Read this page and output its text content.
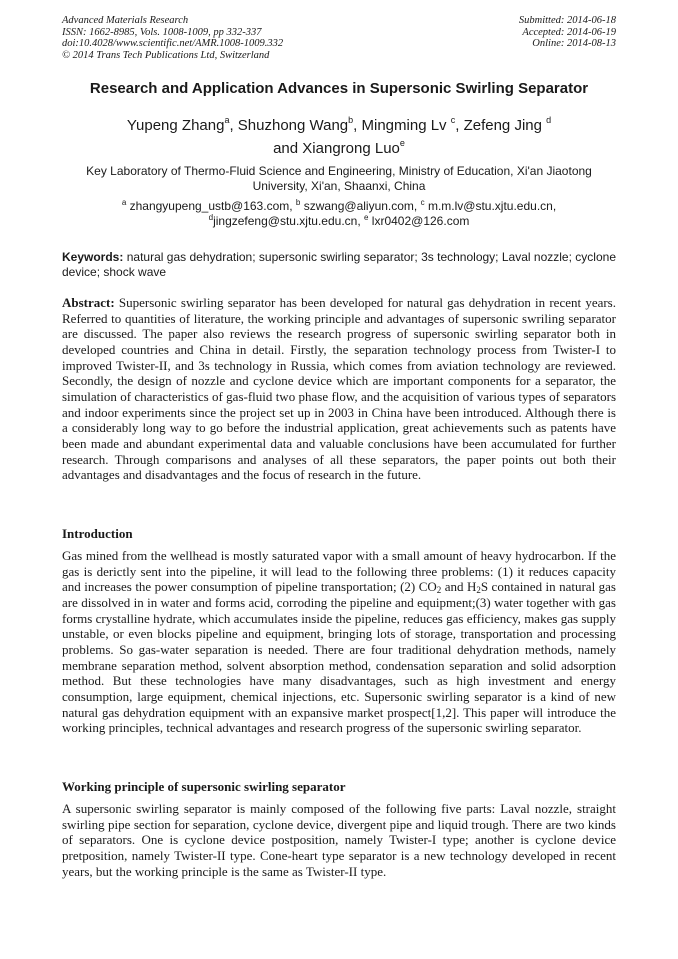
Advanced Materials Research
ISSN: 1662-8985, Vols. 1008-1009, pp 332-337
doi:10.4028/www.scientific.net/AMR.1008-1009.332
© 2014 Trans Tech Publications Ltd, Switzerland
Submitted: 2014-06-18
Accepted: 2014-06-19
Online: 2014-08-13
Research and Application Advances in Supersonic Swirling Separator
Yupeng Zhang$^a$, Shuzhong Wang$^b$, Mingming Lv $^c$, Zefeng Jing $^d$
and Xiangrong Luo$^e$
Key Laboratory of Thermo-Fluid Science and Engineering, Ministry of Education, Xi'an Jiaotong University, Xi'an, Shaanxi, China
$^a$ zhangyupeng_ustb@163.com, $^b$ szwang@aliyun.com, $^c$ m.m.lv@stu.xjtu.edu.cn,
$^d$jingzefeng@stu.xjtu.edu.cn, $^e$ lxr0402@126.com
Keywords: natural gas dehydration; supersonic swirling separator; 3s technology; Laval nozzle; cyclone device; shock wave
Abstract: Supersonic swirling separator has been developed for natural gas dehydration in recent years. Referred to quantities of literature, the working principle and advantages of supersonic swriling separator are discussed. The paper also reviews the research progress of supersonic swirling separator both in developed countries and China in detail. Firstly, the separation technology process from Twister-I to improved Twister-II, and 3s technology in Russia, which comes from aviation technology are reviewed. Secondly, the design of nozzle and cyclone device which are important components for a separator, the simulation of characteristics of gas-fluid two phase flow, and the acquisition of various types of separators and indoor experiments since the project set up in 2003 in China have been introduced. Although there is a considerably long way to go before the industrial application, great achievements such as patents have been made and abundant experimental data and valuable conclusions have been accumulated for further research. Through comparisons and analyses of all these separators, the paper points out both their advantages and disadvantages and the focus of research in the future.
Introduction
Gas mined from the wellhead is mostly saturated vapor with a small amount of heavy hydrocarbon. If the gas is derictly sent into the pipeline, it will lead to the following three problems: (1) it reduces capacity and increases the power consumption of pipeline transportation; (2) $CO_2$ and $H_2S$ contained in natural gas are dissolved in in water and forms acid, corroding the pipeline and equipment;(3) water together with gas forms crystalline hydrate, which accumulates inside the pipeline, reduces gas efficiency, makes gas supply unstable, or even blocks pipeline and equipment, bringing lots of storage, transportation and processing problems. So gas-water separation is needed. There are four traditional dehydration methods, namely membrane separation method, solvent absorption method, condensation separation and solid adsorption method. But these technologies have many disadvantages, such as high investment and energy consumption, large equipment, chemical injections, etc. Supersonic swirling separator is a kind of new natural gas dehydration equipment with an expansive market prospect[1,2]. This paper will introduce the working principles, technical advantages and research progress of the supersonic swirling separator.
Working principle of supersonic swirling separator
A supersonic swirling separator is mainly composed of the following five parts: Laval nozzle, straight swirling pipe section for separation, cyclone device, divergent pipe and liquid trough. There are two kinds of separators. One is cyclone device postposition, namely Twister-I type; another is cyclone device pretposition, namely Twister-II type. Cone-heart type separator is a new technology developed in recent years, but the working principle is the same as Twister-II type.
